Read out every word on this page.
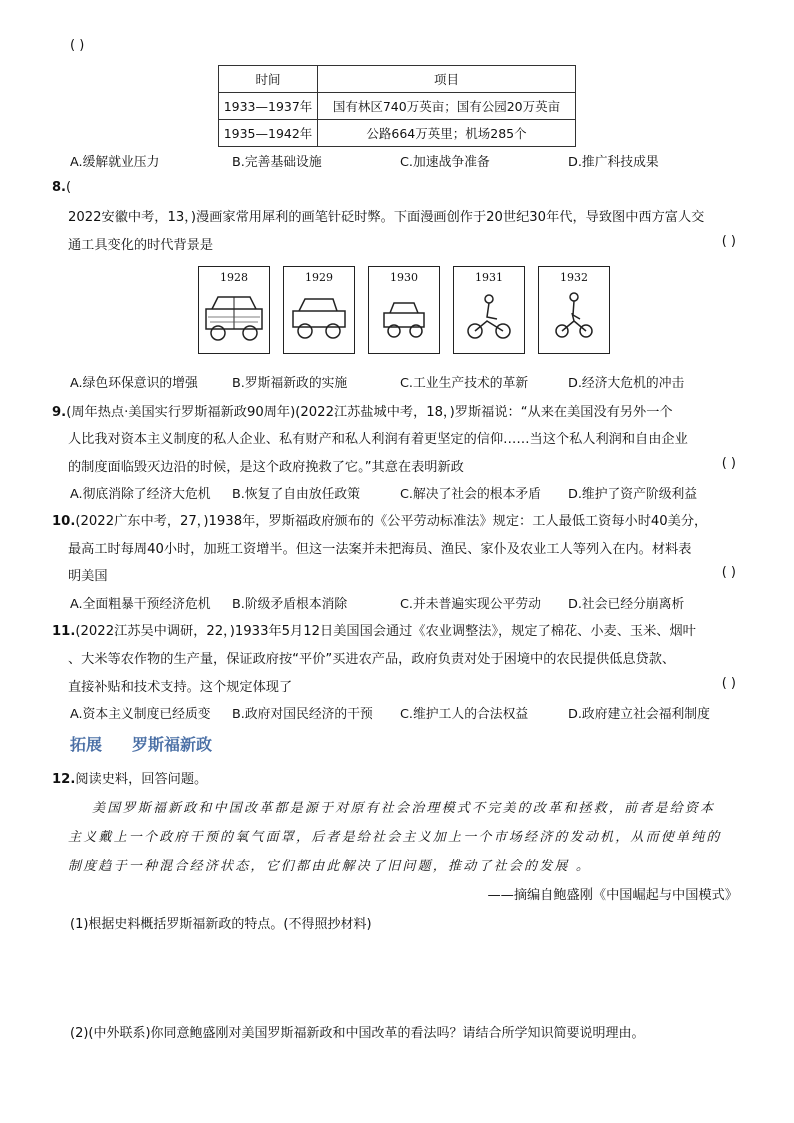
( )
时间	项目
1933—1937年	国有林区740万英亩；国有公园20万英亩
1935—1942年	公路664万英里；机场285个
A.缓解就业压力	B.完善基础设施	C.加速战争准备	D.推广科技成果
8.(
2022安徽中考，13，)漫画家常用犀利的画笔针砭时弊。下面漫画创作于20世纪30年代，导致图中西方富人交
通工具变化的时代背景是	( )
1928	1929	1930	1931	1932
A.绿色环保意识的增强	B.罗斯福新政的实施	C.工业生产技术的革新	D.经济大危机的冲击
9.(周年热点·美国实行罗斯福新政90周年)(2022江苏盐城中考，18，)罗斯福说：“从来在美国没有另外一个
人比我对资本主义制度的私人企业、私有财产和私人利润有着更坚定的信仰……当这个私人利润和自由企业
的制度面临毁灭边沿的时候，是这个政府挽救了它。”其意在表明新政	( )
A.彻底消除了经济大危机 B.恢复了自由放任政策	C.解决了社会的根本矛盾 D.维护了资产阶级利益
10.(2022广东中考，27，)1938年，罗斯福政府颁布的《公平劳动标准法》规定：工人最低工资每小时40美分，
最高工时每周40小时，加班工资增半。但这一法案并未把海员、渔民、家仆及农业工人等列入在内。材料表
明美国	( )
A.全面粗暴干预经济危机 B.阶级矛盾根本消除	C.并未普遍实现公平劳动 D.社会已经分崩离析
11.(2022江苏吴中调研，22，)1933年5月12日美国国会通过《农业调整法》，规定了棉花、小麦、玉米、烟叶
、大米等农作物的生产量，保证政府按“平价”买进农产品，政府负责对处于困境中的农民提供低息贷款、
直接补贴和技术支持。这个规定体现了	( )
A.资本主义制度已经质变 B.政府对国民经济的干预 C.维护工人的合法权益	D.政府建立社会福利制度
拓展 罗斯福新政
12.阅读史料，回答问题。
美国罗斯福新政和中国改革都是源于对原有社会治理模式不完美的改革和拯救，前者是给资本
主义戴上一个政府干预的氧气面罩，后者是给社会主义加上一个市场经济的发动机，从而使单纯的
制度趋于一种混合经济状态，它们都由此解决了旧问题，推动了社会的发展 。
——摘编自鲍盛刚《中国崛起与中国模式》
(1)根据史料概括罗斯福新政的特点。(不得照抄材料)
(2)(中外联系)你同意鲍盛刚对美国罗斯福新政和中国改革的看法吗？请结合所学知识简要说明理由。
